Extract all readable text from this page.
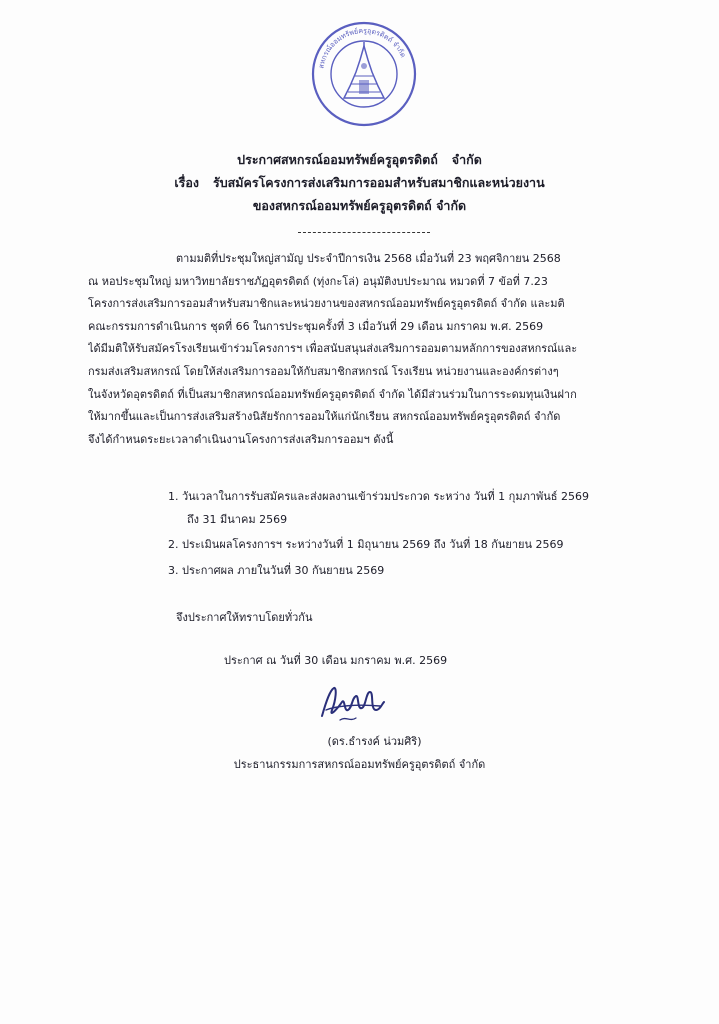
สหกรณ์ออมทรัพย์ครูอุตรดิตถ์ จำกัด
ประกาศสหกรณ์ออมทรัพย์ครูอุตรดิตถ์ จำกัด
เรื่อง รับสมัครโครงการส่งเสริมการออมสำหรับสมาชิกและหน่วยงาน
ของสหกรณ์ออมทรัพย์ครูอุตรดิตถ์ จำกัด
ตามมติที่ประชุมใหญ่สามัญ ประจำปีการเงิน 2568 เมื่อวันที่ 23 พฤศจิกายน 2568
ณ หอประชุมใหญ่ มหาวิทยาลัยราชภัฏอุตรดิตถ์ (ทุ่งกะโล่) อนุมัติงบประมาณ หมวดที่ 7 ข้อที่ 7.23
โครงการส่งเสริมการออมสำหรับสมาชิกและหน่วยงานของสหกรณ์ออมทรัพย์ครูอุตรดิตถ์ จำกัด และมติ
คณะกรรมการดำเนินการ ชุดที่ 66 ในการประชุมครั้งที่ 3 เมื่อวันที่ 29 เดือน มกราคม พ.ศ. 2569
ได้มีมติให้รับสมัครโรงเรียนเข้าร่วมโครงการฯ เพื่อสนับสนุนส่งเสริมการออมตามหลักการของสหกรณ์และ
กรมส่งเสริมสหกรณ์ โดยให้ส่งเสริมการออมให้กับสมาชิกสหกรณ์ โรงเรียน หน่วยงานและองค์กรต่างๆ
ในจังหวัดอุตรดิตถ์ ที่เป็นสมาชิกสหกรณ์ออมทรัพย์ครูอุตรดิตถ์ จำกัด ได้มีส่วนร่วมในการระดมทุนเงินฝาก
ให้มากขึ้นและเป็นการส่งเสริมสร้างนิสัยรักการออมให้แก่นักเรียน สหกรณ์ออมทรัพย์ครูอุตรดิตถ์ จำกัด
จึงได้กำหนดระยะเวลาดำเนินงานโครงการส่งเสริมการออมฯ ดังนี้
1. วันเวลาในการรับสมัครและส่งผลงานเข้าร่วมประกวด ระหว่าง วันที่ 1 กุมภาพันธ์ 2569
ถึง 31 มีนาคม 2569
2. ประเมินผลโครงการฯ ระหว่างวันที่ 1 มิถุนายน 2569 ถึง วันที่ 18 กันยายน 2569
3. ประกาศผล ภายในวันที่ 30 กันยายน 2569
จึงประกาศให้ทราบโดยทั่วกัน
ประกาศ ณ วันที่ 30 เดือน มกราคม พ.ศ. 2569
(ดร.ธำรงค์ น่วมศิริ)
ประธานกรรมการสหกรณ์ออมทรัพย์ครูอุตรดิตถ์ จำกัด
